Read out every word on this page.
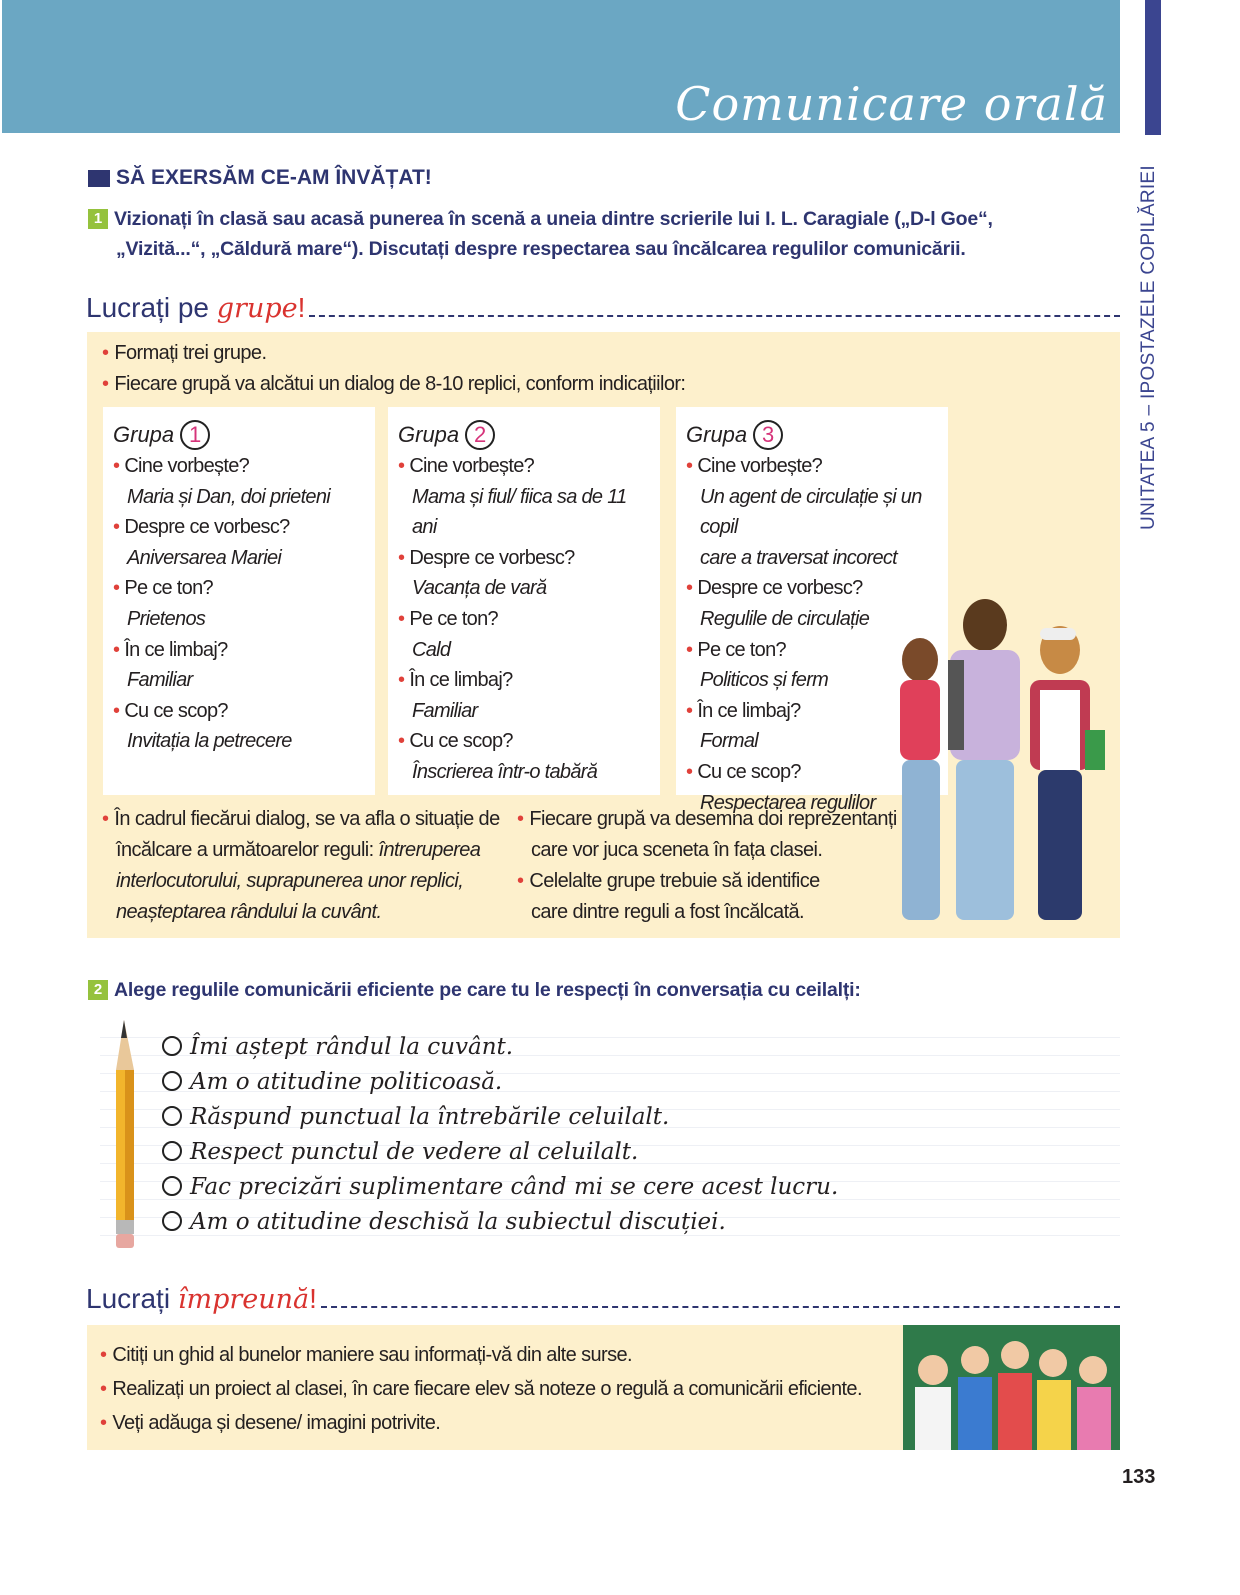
Comunicare orală
UNITATEA 5 – IPOSTAZELE COPILĂRIEI
SĂ EXERSĂM CE-AM ÎNVĂȚAT!
1 Vizionați în clasă sau acasă punerea în scenă a uneia dintre scrierile lui I. L. Caragiale („D-l Goe“,
„Vizită...“, „Căldură mare“). Discutați despre respectarea sau încălcarea regulilor comunicării.
Lucrați pe grupe !
• Formați trei grupe.
• Fiecare grupă va alcătui un dialog de 8-10 replici, conform indicațiilor:
Grupa 1
• Cine vorbește?
Maria și Dan, doi prieteni
• Despre ce vorbesc?
Aniversarea Mariei
• Pe ce ton?
Prietenos
• În ce limbaj?
Familiar
• Cu ce scop?
Invitația la petrecere
Grupa 2
• Cine vorbește?
Mama și fiul/ fiica sa de 11 ani
• Despre ce vorbesc?
Vacanța de vară
• Pe ce ton?
Cald
• În ce limbaj?
Familiar
• Cu ce scop?
Înscrierea într-o tabără
Grupa 3
• Cine vorbește?
Un agent de circulație și un copil
care a traversat incorect
• Despre ce vorbesc?
Regulile de circulație
• Pe ce ton?
Politicos și ferm
• În ce limbaj?
Formal
• Cu ce scop?
Respectarea regulilor
• În cadrul fiecărui dialog, se va afla o situație de
încălcare a următoarelor reguli: întreruperea
interlocutorului, suprapunerea unor replici,
neașteptarea rândului la cuvânt.
• Fiecare grupă va desemna doi reprezentanți
care vor juca sceneta în fața clasei.
• Celelalte grupe trebuie să identifice
care dintre reguli a fost încălcată.
2 Alege regulile comunicării eficiente pe care tu le respecți în conversația cu ceilalți:
Îmi aștept rândul la cuvânt.
Am o atitudine politicoasă.
Răspund punctual la întrebările celuilalt.
Respect punctul de vedere al celuilalt.
Fac precizări suplimentare când mi se cere acest lucru.
Am o atitudine deschisă la subiectul discuției.
Lucrați împreună !
• Citiți un ghid al bunelor maniere sau informați-vă din alte surse.
• Realizați un proiect al clasei, în care fiecare elev să noteze o regulă a comunicării eficiente.
• Veți adăuga și desene/ imagini potrivite.
133
